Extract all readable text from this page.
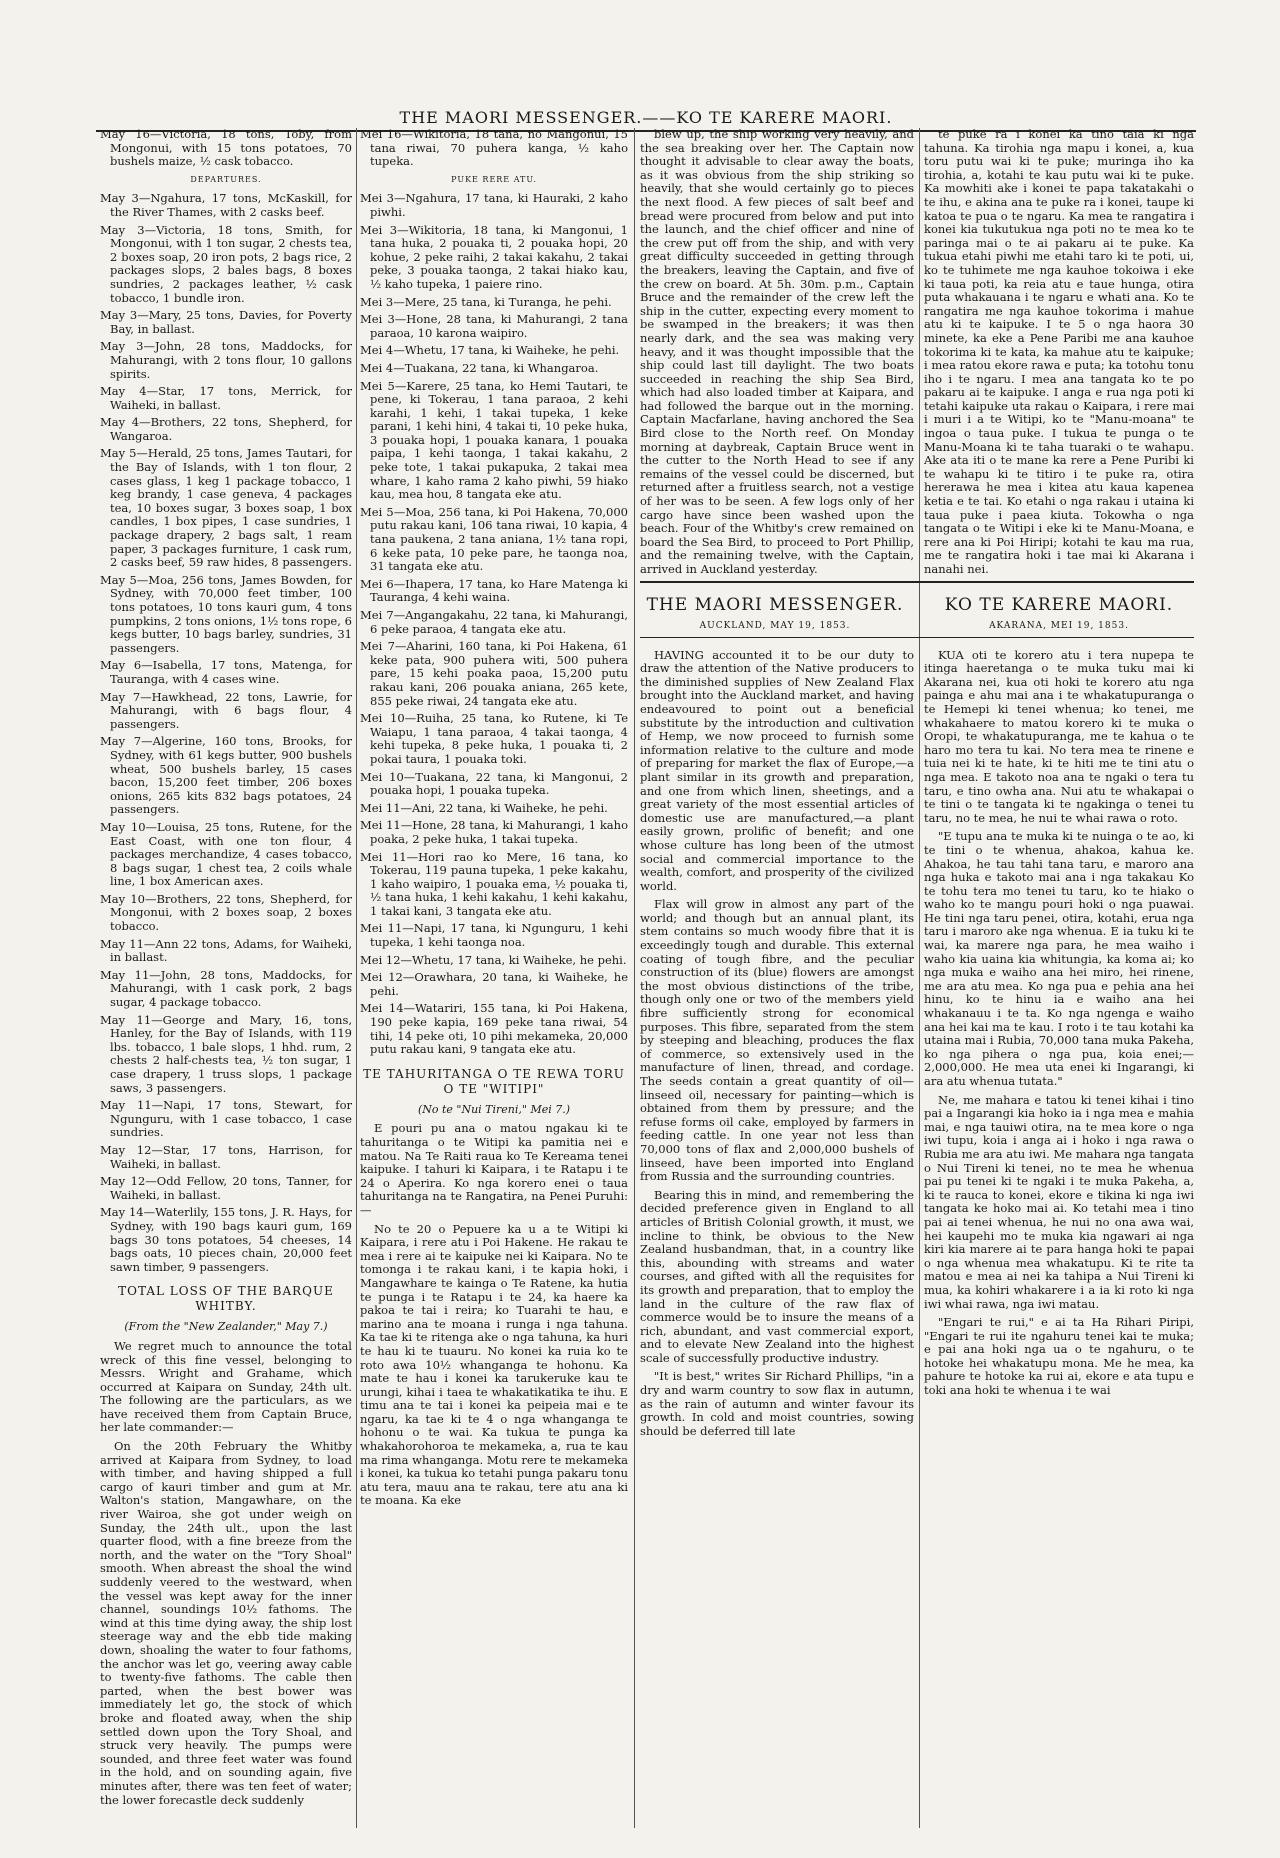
THE MAORI MESSENGER.——KO TE KARERE MAORI.
May 16—Victoria, 18 tons, Toby, from Mongonui, with 15 tons potatoes, 70 bushels maize, ½ cask tobacco.
DEPARTURES.
May 3—Ngahura, 17 tons, McKaskill, for the River Thames, with 2 casks beef.
May 3—Victoria, 18 tons, Smith, for Mongonui, with 1 ton sugar, 2 chests tea, 2 boxes soap, 20 iron pots, 2 bags rice, 2 packages slops, 2 bales bags, 8 boxes sundries, 2 packages leather, ½ cask tobacco, 1 bundle iron.
May 3—Mary, 25 tons, Davies, for Poverty Bay, in ballast.
May 3—John, 28 tons, Maddocks, for Mahurangi, with 2 tons flour, 10 gallons spirits.
May 4—Star, 17 tons, Merrick, for Waiheki, in ballast.
May 4—Brothers, 22 tons, Shepherd, for Wangaroa.
May 5—Herald, 25 tons, James Tautari, for the Bay of Islands, with 1 ton flour, 2 cases glass, 1 keg 1 package tobacco, 1 keg brandy, 1 case geneva, 4 packages tea, 10 boxes sugar, 3 boxes soap, 1 box candles, 1 box pipes, 1 case sundries, 1 package drapery, 2 bags salt, 1 ream paper, 3 packages furniture, 1 cask rum, 2 casks beef, 59 raw hides, 8 passengers.
May 5—Moa, 256 tons, James Bowden, for Sydney, with 70,000 feet timber, 100 tons potatoes, 10 tons kauri gum, 4 tons pumpkins, 2 tons onions, 1½ tons rope, 6 kegs butter, 10 bags barley, sundries, 31 passengers.
May 6—Isabella, 17 tons, Matenga, for Tauranga, with 4 cases wine.
May 7—Hawkhead, 22 tons, Lawrie, for Mahurangi, with 6 bags flour, 4 passengers.
May 7—Algerine, 160 tons, Brooks, for Sydney, with 61 kegs butter, 900 bushels wheat, 500 bushels barley, 15 cases bacon, 15,200 feet timber, 206 boxes onions, 265 kits 832 bags potatoes, 24 passengers.
May 10—Louisa, 25 tons, Rutene, for the East Coast, with one ton flour, 4 packages merchandize, 4 cases tobacco, 8 bags sugar, 1 chest tea, 2 coils whale line, 1 box American axes.
May 10—Brothers, 22 tons, Shepherd, for Mongonui, with 2 boxes soap, 2 boxes tobacco.
May 11—Ann 22 tons, Adams, for Waiheki, in ballast.
May 11—John, 28 tons, Maddocks, for Mahurangi, with 1 cask pork, 2 bags sugar, 4 package tobacco.
May 11—George and Mary, 16, tons, Hanley, for the Bay of Islands, with 119 lbs. tobacco, 1 bale slops, 1 hhd. rum, 2 chests 2 half-chests tea, ½ ton sugar, 1 case drapery, 1 truss slops, 1 package saws, 3 passengers.
May 11—Napi, 17 tons, Stewart, for Ngunguru, with 1 case tobacco, 1 case sundries.
May 12—Star, 17 tons, Harrison, for Waiheki, in ballast.
May 12—Odd Fellow, 20 tons, Tanner, for Waiheki, in ballast.
May 14—Waterlily, 155 tons, J. R. Hays, for Sydney, with 190 bags kauri gum, 169 bags 30 tons potatoes, 54 cheeses, 14 bags oats, 10 pieces chain, 20,000 feet sawn timber, 9 passengers.
TOTAL LOSS OF THE BARQUE WHITBY.
(From the "New Zealander," May 7.)

We regret much to announce the total wreck of this fine vessel, belonging to Messrs. Wright and Grahame, which occurred at Kaipara on Sunday, 24th ult. The following are the particulars, as we have received them from Captain Bruce, her late commander:—

On the 20th February the Whitby arrived at Kaipara from Sydney, to load with timber, and having shipped a full cargo of kauri timber and gum at Mr. Walton's station, Mangawhare, on the river Wairoa, she got under weigh on Sunday, the 24th ult., upon the last quarter flood, with a fine breeze from the north, and the water on the "Tory Shoal" smooth. When abreast the shoal the wind suddenly veered to the westward, when the vessel was kept away for the inner channel, soundings 10½ fathoms. The wind at this time dying away, the ship lost steerage way and the ebb tide making down, shoaling the water to four fathoms, the anchor was let go, veering away cable to twenty-five fathoms. The cable then parted, when the best bower was immediately let go, the stock of which broke and floated away, when the ship settled down upon the Tory Shoal, and struck very heavily. The pumps were sounded, and three feet water was found in the hold, and on sounding again, five minutes after, there was ten feet of water; the lower forecastle deck suddenly

Mei 16—Wikitoria, 18 tana, no Mangonui, 15 tana riwai, 70 puhera kanga, ½ kaho tupeka.
PUKE RERE ATU.
Mei 3—Ngahura, 17 tana, ki Hauraki, 2 kaho piwhi.
Mei 3—Wikitoria, 18 tana, ki Mangonui, 1 tana huka, 2 pouaka ti, 2 pouaka hopi, 20 kohue, 2 peke raihi, 2 takai kakahu, 2 takai peke, 3 pouaka taonga, 2 takai hiako kau, ½ kaho tupeka, 1 paiere rino.
Mei 3—Mere, 25 tana, ki Turanga, he pehi.
Mei 3—Hone, 28 tana, ki Mahurangi, 2 tana paraoa, 10 karona waipiro.
Mei 4—Whetu, 17 tana, ki Waiheke, he pehi.
Mei 4—Tuakana, 22 tana, ki Whangaroa.
Mei 5—Karere, 25 tana, ko Hemi Tautari, te pene, ki Tokerau, 1 tana paraoa, 2 kehi karahi, 1 kehi, 1 takai tupeka, 1 keke parani, 1 kehi hini, 4 takai ti, 10 peke huka, 3 pouaka hopi, 1 pouaka kanara, 1 pouaka paipa, 1 kehi taonga, 1 takai kakahu, 2 peke tote, 1 takai pukapuka, 2 takai mea whare, 1 kaho rama 2 kaho piwhi, 59 hiako kau, mea hou, 8 tangata eke atu.
Mei 5—Moa, 256 tana, ki Poi Hakena, 70,000 putu rakau kani, 106 tana riwai, 10 kapia, 4 tana paukena, 2 tana aniana, 1½ tana ropi, 6 keke pata, 10 peke pare, he taonga noa, 31 tangata eke atu.
Mei 6—Ihapera, 17 tana, ko Hare Matenga ki Tauranga, 4 kehi waina.
Mei 7—Angangakahu, 22 tana, ki Mahurangi, 6 peke paraoa, 4 tangata eke atu.
Mei 7—Aharini, 160 tana, ki Poi Hakena, 61 keke pata, 900 puhera witi, 500 puhera pare, 15 kehi poaka paoa, 15,200 putu rakau kani, 206 pouaka aniana, 265 kete, 855 peke riwai, 24 tangata eke atu.
Mei 10—Ruiha, 25 tana, ko Rutene, ki Te Waiapu, 1 tana paraoa, 4 takai taonga, 4 kehi tupeka, 8 peke huka, 1 pouaka ti, 2 pokai taura, 1 pouaka toki.
Mei 10—Tuakana, 22 tana, ki Mangonui, 2 pouaka hopi, 1 pouaka tupeka.
Mei 11—Ani, 22 tana, ki Waiheke, he pehi.
Mei 11—Hone, 28 tana, ki Mahurangi, 1 kaho poaka, 2 peke huka, 1 takai tupeka.
Mei 11—Hori rao ko Mere, 16 tana, ko Tokerau, 119 pauna tupeka, 1 peke kakahu, 1 kaho waipiro, 1 pouaka ema, ½ pouaka ti, ½ tana huka, 1 kehi kakahu, 1 kehi kakahu, 1 takai kani, 3 tangata eke atu.
Mei 11—Napi, 17 tana, ki Ngunguru, 1 kehi tupeka, 1 kehi taonga noa.
Mei 12—Whetu, 17 tana, ki Waiheke, he pehi.
Mei 12—Orawhara, 20 tana, ki Waiheke, he pehi.
Mei 14—Watariri, 155 tana, ki Poi Hakena, 190 peke kapia, 169 peke tana riwai, 54 tihi, 14 peke oti, 10 pihi mekameka, 20,000 putu rakau kani, 9 tangata eke atu.
TE TAHURITANGA O TE REWA TORU O TE "WITIPI"
(No te "Nui Tireni," Mei 7.)

E pouri pu ana o matou ngakau ki te tahuritanga o te Witipi ka pamitia nei e matou. Na Te Raiti raua ko Te Kereama tenei kaipuke. I tahuri ki Kaipara, i te Ratapu i te 24 o Aperira. Ko nga korero enei o taua tahuritanga na te Rangatira, na Penei Puruhi:—

No te 20 o Pepuere ka u a te Witipi ki Kaipara, i rere atu i Poi Hakene. He rakau te mea i rere ai te kaipuke nei ki Kaipara. No te tomonga i te rakau kani, i te kapia hoki, i Mangawhare te kainga o Te Ratene, ka hutia te punga i te Ratapu i te 24, ka haere ka pakoa te tai i reira; ko Tuarahi te hau, e marino ana te moana i runga i nga tahuna. Ka tae ki te ritenga ake o nga tahuna, ka huri te hau ki te tuauru. No konei ka ruia ko te roto awa 10½ whanganga te hohonu. Ka mate te hau i konei ka tarukeruke kau te urungi, kihai i taea te whakatikatika te ihu. E timu ana te tai i konei ka peipeia mai e te ngaru, ka tae ki te 4 o nga whanganga te hohonu o te wai. Ka tukua te punga ka whakahorohoroa te mekameka, a, rua te kau ma rima whanganga. Motu rere te mekameka i konei, ka tukua ko tetahi punga pakaru tonu atu tera, mauu ana te rakau, tere atu ana ki te moana. Ka eke

blew up, the ship working very heavily, and the sea breaking over her. The Captain now thought it advisable to clear away the boats, as it was obvious from the ship striking so heavily, that she would certainly go to pieces the next flood. A few pieces of salt beef and bread were procured from below and put into the launch, and the chief officer and nine of the crew put off from the ship, and with very great difficulty succeeded in getting through the breakers, leaving the Captain, and five of the crew on board. At 5h. 30m. p.m., Captain Bruce and the remainder of the crew left the ship in the cutter, expecting every moment to be swamped in the breakers; it was then nearly dark, and the sea was making very heavy, and it was thought impossible that the ship could last till daylight. The two boats succeeded in reaching the ship Sea Bird, which had also loaded timber at Kaipara, and had followed the barque out in the morning. Captain Macfarlane, having anchored the Sea Bird close to the North reef. On Monday morning at daybreak, Captain Bruce went in the cutter to the North Head to see if any remains of the vessel could be discerned, but returned after a fruitless search, not a vestige of her was to be seen. A few logs only of her cargo have since been washed upon the beach. Four of the Whitby's crew remained on board the Sea Bird, to proceed to Port Phillip, and the remaining twelve, with the Captain, arrived in Auckland yesterday.

HAVING accounted it to be our duty to draw the attention of the Native producers to the diminished supplies of New Zealand Flax brought into the Auckland market, and having endeavoured to point out a beneficial substitute by the introduction and cultivation of Hemp, we now proceed to furnish some information relative to the culture and mode of preparing for market the flax of Europe,—a plant similar in its growth and preparation, and one from which linen, sheetings, and a great variety of the most essential articles of domestic use are manufactured,—a plant easily grown, prolific of benefit; and one whose culture has long been of the utmost social and commercial importance to the wealth, comfort, and prosperity of the civilized world.

Flax will grow in almost any part of the world; and though but an annual plant, its stem contains so much woody fibre that it is exceedingly tough and durable. This external coating of tough fibre, and the peculiar construction of its (blue) flowers are amongst the most obvious distinctions of the tribe, though only one or two of the members yield fibre sufficiently strong for economical purposes. This fibre, separated from the stem by steeping and bleaching, produces the flax of commerce, so extensively used in the manufacture of linen, thread, and cordage. The seeds contain a great quantity of oil—linseed oil, necessary for painting—which is obtained from them by pressure; and the refuse forms oil cake, employed by farmers in feeding cattle. In one year not less than 70,000 tons of flax and 2,000,000 bushels of linseed, have been imported into England from Russia and the surrounding countries.

Bearing this in mind, and remembering the decided preference given in England to all articles of British Colonial growth, it must, we incline to think, be obvious to the New Zealand husbandman, that, in a country like this, abounding with streams and water courses, and gifted with all the requisites for its growth and preparation, that to employ the land in the culture of the raw flax of commerce would be to insure the means of a rich, abundant, and vast commercial export, and to elevate New Zealand into the highest scale of successfully productive industry.

"It is best," writes Sir Richard Phillips, "in a dry and warm country to sow flax in autumn, as the rain of autumn and winter favour its growth. In cold and moist countries, sowing should be deferred till late

te puke ra i konei ka tino taia ki nga tahuna. Ka tirohia nga mapu i konei, a, kua toru putu wai ki te puke; muringa iho ka tirohia, a, kotahi te kau putu wai ki te puke. Ka mowhiti ake i konei te papa takatakahi o te ihu, e akina ana te puke ra i konei, taupe ki katoa te pua o te ngaru. Ka mea te rangatira i konei kia tukutukua nga poti no te mea ko te paringa mai o te ai pakaru ai te puke. Ka tukua etahi piwhi me etahi taro ki te poti, ui, ko te tuhimete me nga kauhoe tokoiwa i eke ki taua poti, ka reia atu e taue hunga, otira puta whakauana i te ngaru e whati ana. Ko te rangatira me nga kauhoe tokorima i mahue atu ki te kaipuke. I te 5 o nga haora 30 minete, ka eke a Pene Paribi me ana kauhoe tokorima ki te kata, ka mahue atu te kaipuke; i mea ratou ekore rawa e puta; ka totohu tonu iho i te ngaru. I mea ana tangata ko te po pakaru ai te kaipuke. I anga e rua nga poti ki tetahi kaipuke uta rakau o Kaipara, i rere mai i muri i a te Witipi, ko te "Manu-moana" te ingoa o taua puke. I tukua te punga o te Manu-Moana ki te taha tuaraki o te wahapu. Ake ata iti o te mane ka rere a Pene Puribi ki te wahapu ki te titiro i te puke ra, otira hererawa he mea i kitea atu kaua kapenea ketia e te tai. Ko etahi o nga rakau i utaina ki taua puke i paea kiuta. Tokowha o nga tangata o te Witipi i eke ki te Manu-Moana, e rere ana ki Poi Hiripi; kotahi te kau ma rua, me te rangatira hoki i tae mai ki Akarana i nanahi nei.

KUA oti te korero atu i tera nupepa te itinga haeretanga o te muka tuku mai ki Akarana nei, kua oti hoki te korero atu nga painga e ahu mai ana i te whakatupuranga o te Hemepi ki tenei whenua; ko tenei, me whakahaere to matou korero ki te muka o Oropi, te whakatupuranga, me te kahua o te haro mo tera tu kai. No tera mea te rinene e tuia nei ki te hate, ki te hiti me te tini atu o nga mea. E takoto noa ana te ngaki o tera tu taru, e tino owha ana. Nui atu te whakapai o te tini o te tangata ki te ngakinga o tenei tu taru, no te mea, he nui te whai rawa o roto.

"E tupu ana te muka ki te nuinga o te ao, ki te tini o te whenua, ahakoa, kahua ke. Ahakoa, he tau tahi tana taru, e maroro ana nga huka e takoto mai ana i nga takakau Ko te tohu tera mo tenei tu taru, ko te hiako o waho ko te mangu pouri hoki o nga puawai. He tini nga taru penei, otira, kotahi, erua nga taru i maroro ake nga whenua. E ia tuku ki te wai, ka marere nga para, he mea waiho i waho kia uaina kia whitungia, ka koma ai; ko nga muka e waiho ana hei miro, hei rinene, me ara atu mea. Ko nga pua e pehia ana hei hinu, ko te hinu ia e waiho ana hei whakanauu i te ta. Ko nga ngenga e waiho ana hei kai ma te kau. I roto i te tau kotahi ka utaina mai i Rubia, 70,000 tana muka Pakeha, ko nga pihera o nga pua, koia enei;—2,000,000. He mea uta enei ki Ingarangi, ki ara atu whenua tutata."

Ne, me mahara e tatou ki tenei kihai i tino pai a Ingarangi kia hoko ia i nga mea e mahia mai, e nga tauiwi otira, na te mea kore o nga iwi tupu, koia i anga ai i hoko i nga rawa o Rubia me ara atu iwi. Me mahara nga tangata o Nui Tireni ki tenei, no te mea he whenua pai pu tenei ki te ngaki i te muka Pakeha, a, ki te rauca to konei, ekore e tikina ki nga iwi tangata ke hoko mai ai. Ko tetahi mea i tino pai ai tenei whenua, he nui no ona awa wai, hei kaupehi mo te muka kia ngawari ai nga kiri kia marere ai te para hanga hoki te papai o nga whenua mea whakatupu. Ki te rite ta matou e mea ai nei ka tahipa a Nui Tireni ki mua, ka kohiri whakarere i a ia ki roto ki nga iwi whai rawa, nga iwi matau.

"Engari te rui," e ai ta Ha Rihari Piripi, "Engari te rui ite ngahuru tenei kai te muka; e pai ana hoki nga ua o te ngahuru, o te hotoke hei whakatupu mona. Me he mea, ka pahure te hotoke ka rui ai, ekore e ata tupu e toki ana hoki te whenua i te wai

THE MAORI MESSENGER.
AUCKLAND, MAY 19, 1853.
KO TE KARERE MAORI.
AKARANA, MEI 19, 1853.
